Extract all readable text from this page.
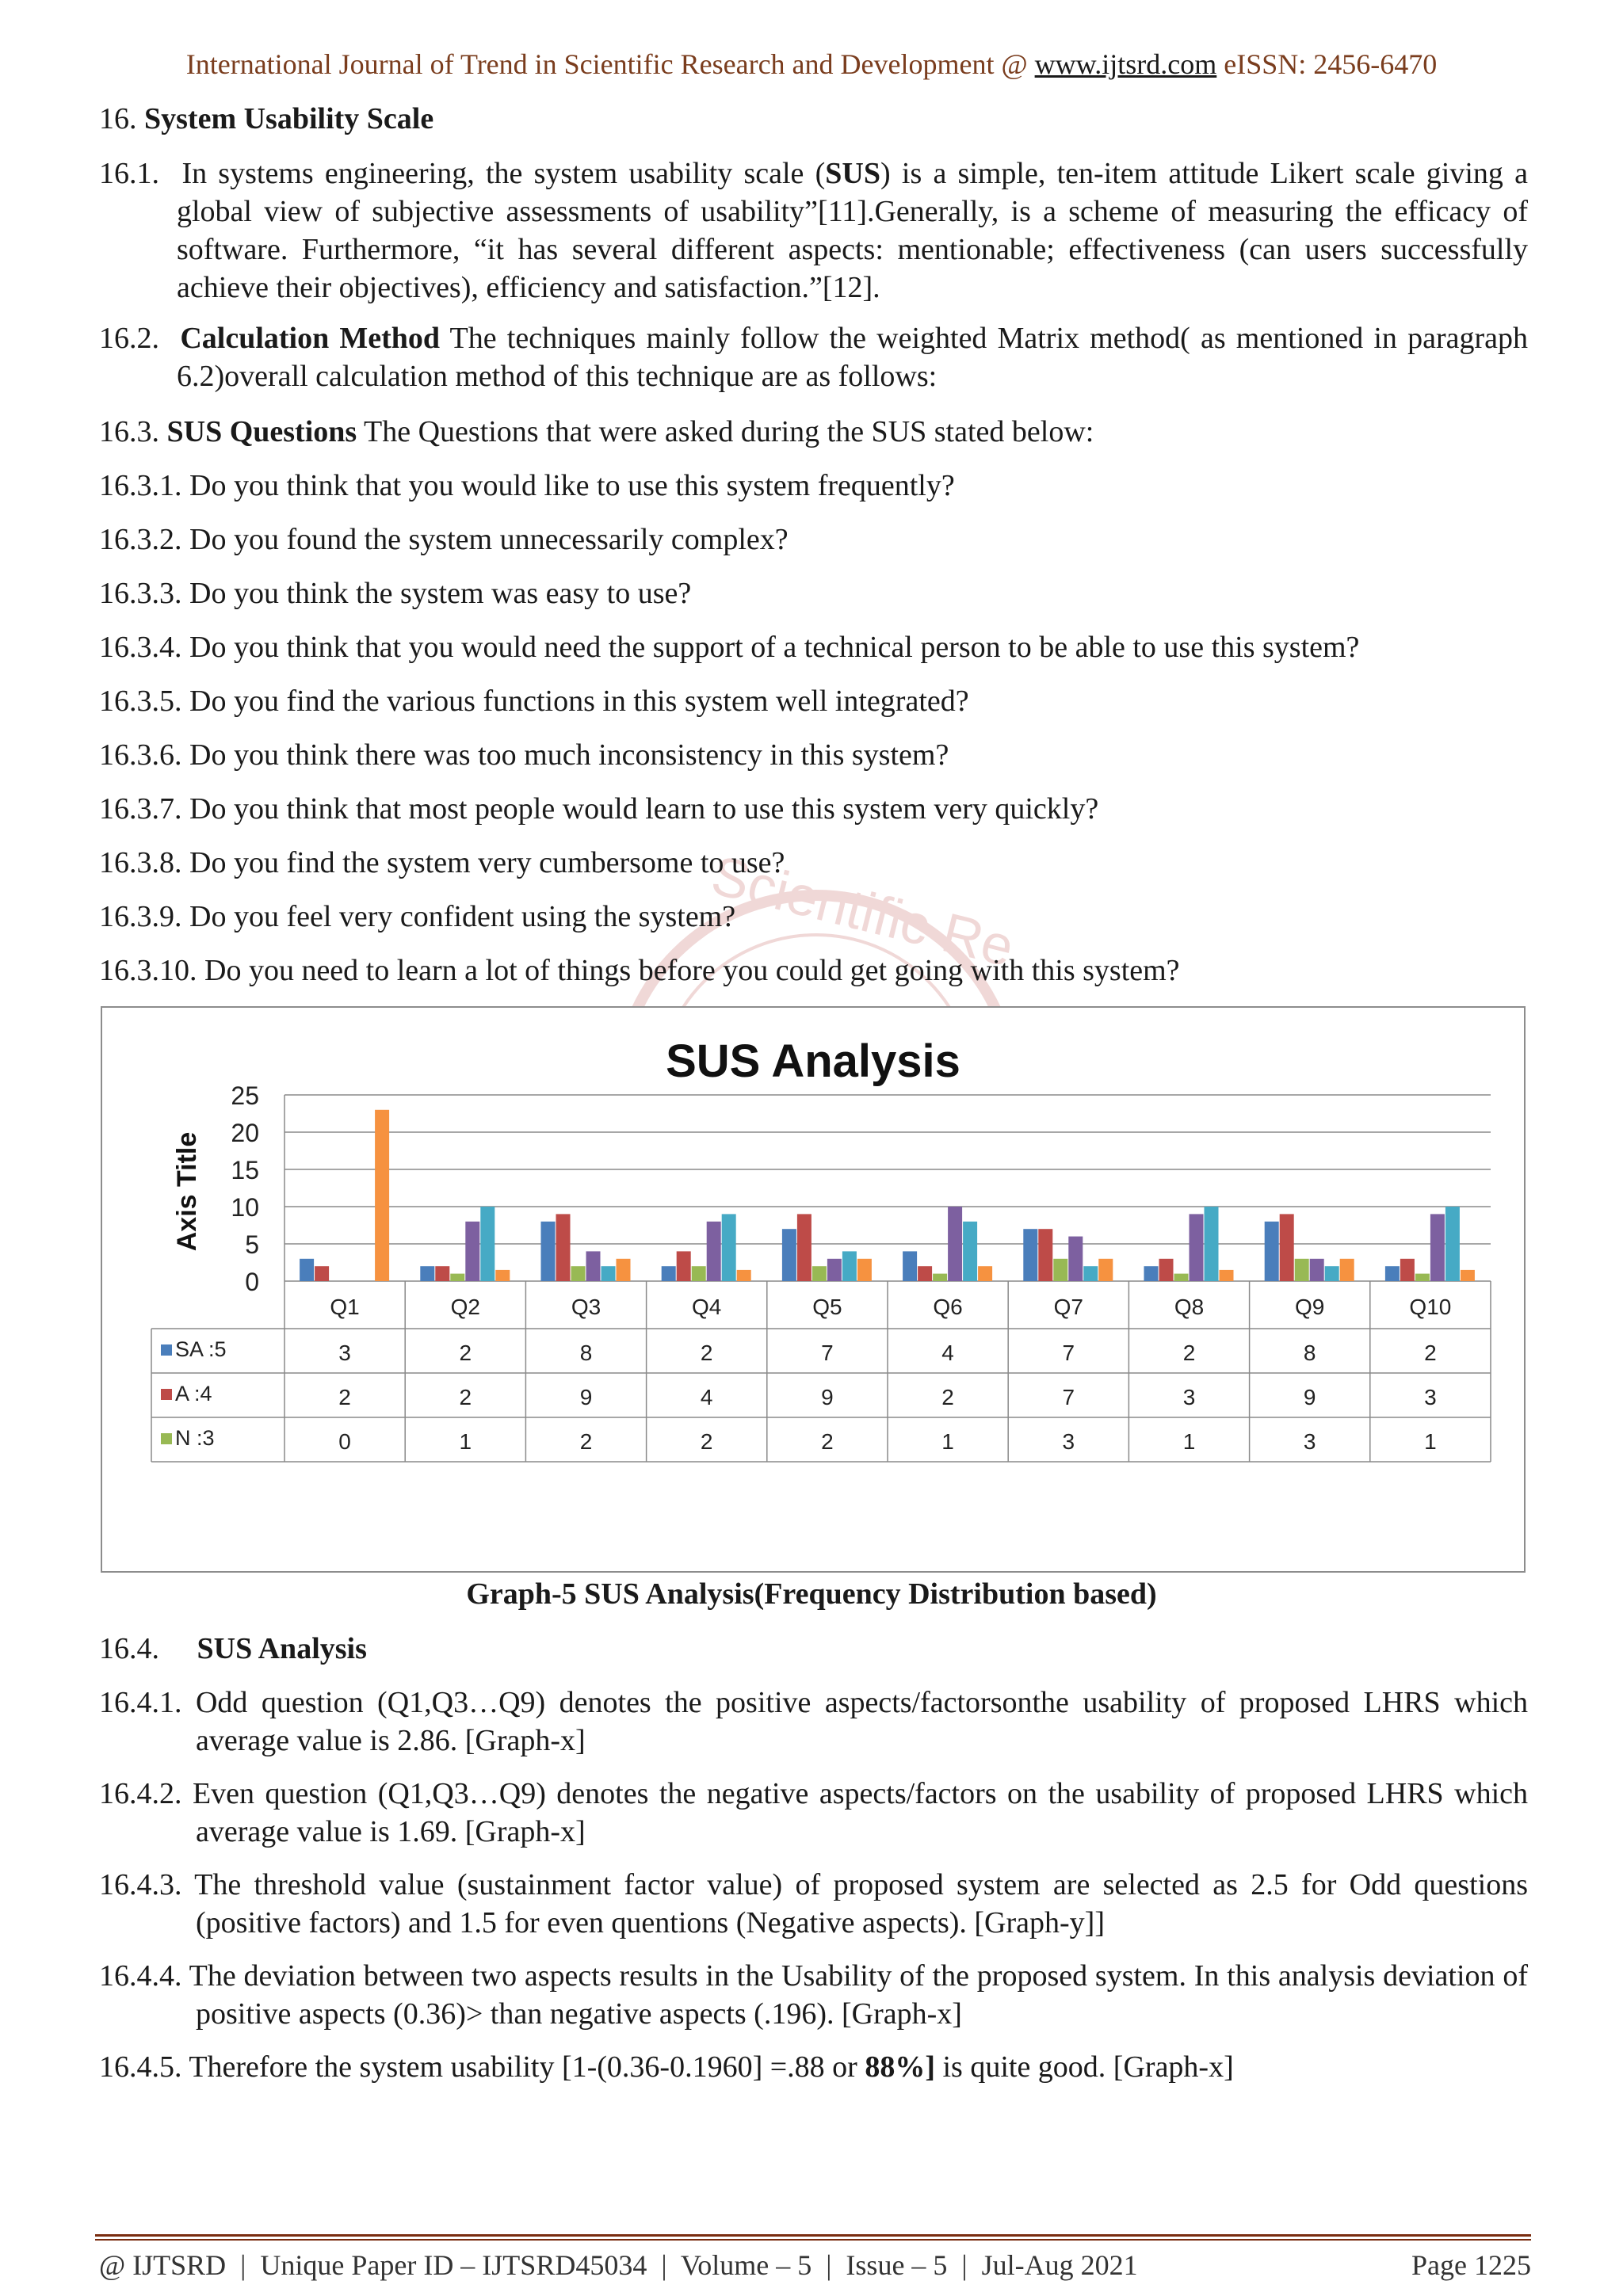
International Journal of Trend in Scientific Research and Development @ www.ijtsrd.com eISSN: 2456-6470
Scientific Re
16. System Usability Scale
16.1. In systems engineering, the system usability scale (SUS) is a simple, ten-item attitude Likert scale giving a global view of subjective assessments of usability”[11].Generally, is a scheme of measuring the efficacy of software. Furthermore, “it has several different aspects: mentionable; effectiveness (can users successfully achieve their objectives), efficiency and satisfaction.”[12].
16.2. Calculation Method The techniques mainly follow the weighted Matrix method( as mentioned in paragraph 6.2)overall calculation method of this technique are as follows:
16.3. SUS Questions The Questions that were asked during the SUS stated below:
16.3.1. Do you think that you would like to use this system frequently?
16.3.2. Do you found the system unnecessarily complex?
16.3.3. Do you think the system was easy to use?
16.3.4. Do you think that you would need the support of a technical person to be able to use this system?
16.3.5. Do you find the various functions in this system well integrated?
16.3.6. Do you think there was too much inconsistency in this system?
16.3.7. Do you think that most people would learn to use this system very quickly?
16.3.8. Do you find the system very cumbersome to use?
16.3.9. Do you feel very confident using the system?
16.3.10. Do you need to learn a lot of things before you could get going with this system?
SUS Analysis
Axis Title
0
5
10
15
20
25
Q1	Q2	Q3	Q4	Q5	Q6	Q7	Q8	Q9	Q10
SA :5	3	2	8	2	7	4	7	2	8	2
A :4	2	2	9	4	9	2	7	3	9	3
N :3	0	1	2	2	2	1	3	1	3	1
Graph-5 SUS Analysis(Frequency Distribution based)
16.4. SUS Analysis
16.4.1. Odd question (Q1,Q3…Q9) denotes the positive aspects/factorsonthe usability of proposed LHRS which average value is 2.86. [Graph-x]
16.4.2. Even question (Q1,Q3…Q9) denotes the negative aspects/factors on the usability of proposed LHRS which average value is 1.69. [Graph-x]
16.4.3. The threshold value (sustainment factor value) of proposed system are selected as 2.5 for Odd questions (positive factors) and 1.5 for even quentions (Negative aspects). [Graph-y]]
16.4.4. The deviation between two aspects results in the Usability of the proposed system. In this analysis deviation of positive aspects (0.36)> than negative aspects (.196). [Graph-x]
16.4.5. Therefore the system usability [1-(0.36-0.1960] =.88 or 88%] is quite good. [Graph-x]
@ IJTSRD  |  Unique Paper ID – IJTSRD45034  |  Volume – 5  |  Issue – 5  |  Jul-Aug 2021	Page 1225
